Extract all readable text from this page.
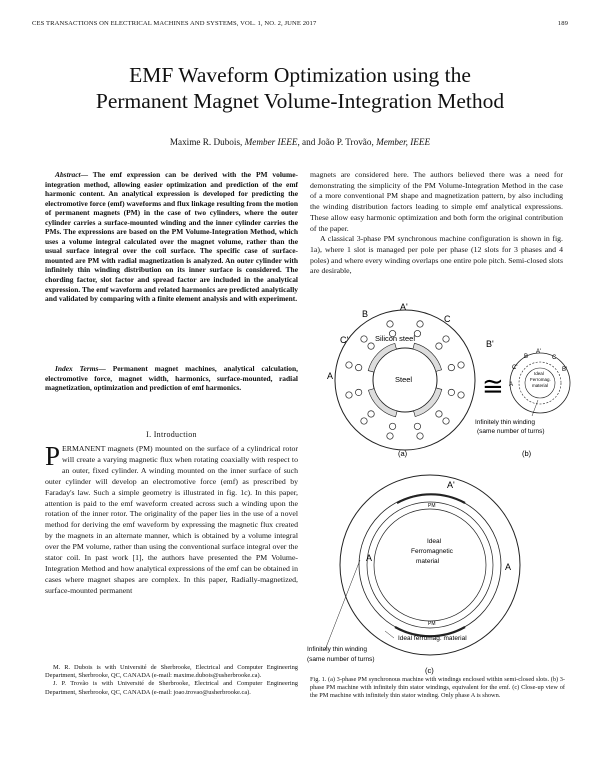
CES TRANSACTIONS ON ELECTRICAL MACHINES AND SYSTEMS, VOL. 1, NO. 2, JUNE 2017	189
EMF Waveform Optimization using the
Permanent Magnet Volume-Integration Method
Maxime R. Dubois, Member IEEE, and João P. Trovão, Member, IEEE

Abstract— The emf expression can be derived with the PM volume-integration method, allowing easier optimization and prediction of the emf harmonic content. An analytical expression is developed for predicting the electromotive force (emf) waveforms and flux linkage resulting from the motion of permanent magnets (PM) in the case of two cylinders, where the outer cylinder carries a surface-mounted winding and the inner cylinder carries the PMs. The expressions are based on the PM Volume-Integration Method, which uses a volume integral calculated over the magnet volume, rather than the usual surface integral over the coil surface. The specific case of surface-mounted are PM with radial magnetization is analyzed. An outer cylinder with infinitely thin winding distribution on its inner surface is considered. The chording factor, slot factor and spread factor are included in the analytical expression. The emf waveform and related harmonics are predicted analytically and validated by comparing with a finite element analysis and with experiment.

Index Terms— Permanent magnet machines, analytical calculation, electromotive force, magnet width, harmonics, surface-mounted, radial magnetization, optimization and prediction of emf harmonics.

I. Introduction

PERMANENT magnets (PM) mounted on the surface of a cylindrical rotor will create a varying magnetic flux when rotating coaxially with respect to an outer, fixed cylinder. A winding mounted on the inner surface of such outer cylinder will develop an electromotive force (emf) as prescribed by Faraday's law. Such a simple geometry is illustrated in fig. 1c). In this paper, attention is paid to the emf waveform created across such a winding upon the rotation of the inner rotor. The originality of the paper lies in the use of a novel method for deriving the emf waveform by expressing the magnetic flux created by the magnets in an alternate manner, which is obtained by a volume integral over the PM volume, rather than using the conventional surface integral over the stator coil. In past work [1], the authors have presented the PM Volume-Integration Method and how analytical expressions of the emf can be obtained in cases where magnet shapes are complex. In this paper, Radially-magnetized, surface-mounted permanent

M. R. Dubois is with Université de Sherbrooke, Electrical and Computer Engineering Department, Sherbrooke, QC, CANADA (e-mail: maxime.dubois@usherbrooke.ca).

J. P. Trovão is with Université de Sherbrooke, Electrical and Computer Engineering Department, Sherbrooke, QC, CANADA (e-mail: joao.trovao@usherbrooke.ca).

magnets are considered here. The authors believed there was a need for demonstrating the simplicity of the PM Volume-Integration Method in the case of a more conventional PM shape and magnetization pattern, by also including the winding distribution factors leading to simple emf analytical expressions. These allow easy harmonic optimization and both form the original contribution of the paper.

A classical 3-phase PM synchronous machine configuration is shown in fig. 1a), where 1 slot is managed per pole per phase (12 slots for 3 phases and 4 poles) and where every winding overlaps one entire pole pitch. Semi-closed slots are desirable,

B
A'
C
C'	B'
A
Silicon steel
Steel	≅
B
A'
C
C'	B'
A
Ideal
Ferromag.
material
Infinitely thin winding
(same number of turns)
(a)	(b)
A'
A
A
Ideal
Ferromagnetic
material
PM
PM
Ideal ferromag. material
Infinitely thin winding
(same number of turns)
(c)
Fig. 1. (a) 3-phase PM synchronous machine with windings enclosed within semi-closed slots. (b) 3-phase PM machine with infinitely thin stator windings, equivalent for the emf. (c) Close-up view of the PM machine with infinitely thin stator winding. Only phase A is shown.
